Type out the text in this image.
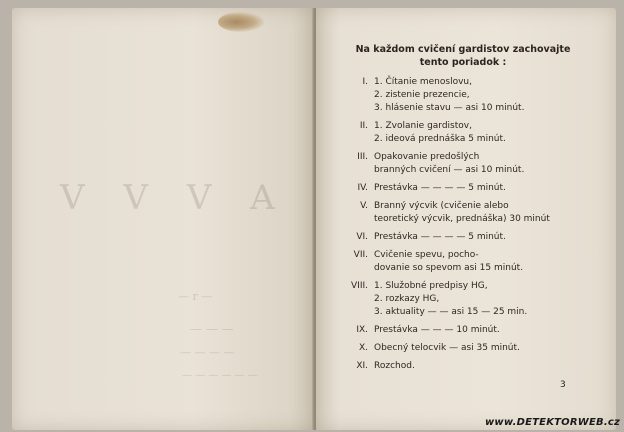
V V V A
— r —
— — —
— — — —
— — — — — —
Na každom cvičení gardistov zachovajte
tento poriadok :
I. 1. Čítanie menoslovu,
2. zistenie prezencie,
3. hlásenie stavu — asi 10 minút.
II. 1. Zvolanie gardistov,
2. ideová prednáška 5 minút.
III. Opakovanie predošlých
branných cvičení — asi 10 minút.
IV. Prestávka — — — — 5 minút.
V. Branný výcvik (cvičenie alebo
teoretický výcvik, prednáška) 30 minút
VI. Prestávka — — — — 5 minút.
VII. Cvičenie spevu, pocho-
dovanie so spevom asi 15 minút.
VIII. 1. Služobné predpisy HG,
2. rozkazy HG,
3. aktuality — — asi 15 — 25 min.
IX. Prestávka — — — 10 minút.
X. Obecný telocvik — asi 35 minút.
XI. Rozchod.
3
www.DETEKTORWEB.cz
